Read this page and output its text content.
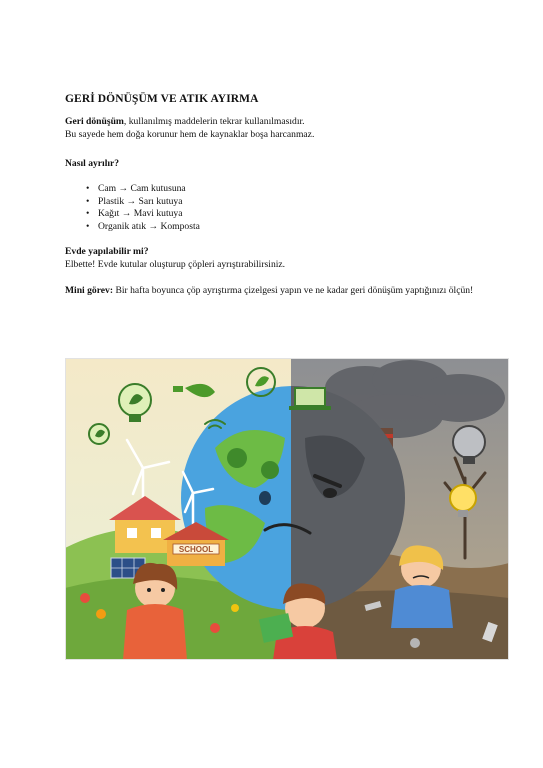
GERİ DÖNÜŞÜM VE ATIK AYIRMA

Geri dönüşüm, kullanılmış maddelerin tekrar kullanılmasıdır.

Bu sayede hem doğa korunur hem de kaynaklar boşa harcanmaz.

Nasıl ayrılır?

• Cam → Cam kutusuna
• Plastik → Sarı kutuya
• Kağıt → Mavi kutuya
• Organik atık → Komposta

Evde yapılabilir mi?

Elbette! Evde kutular oluşturup çöpleri ayrıştırabilirsiniz.

Mini görev: Bir hafta boyunca çöp ayrıştırma çizelgesi yapın ve ne kadar geri dönüşüm yaptığınızı ölçün!

SCHOOL
